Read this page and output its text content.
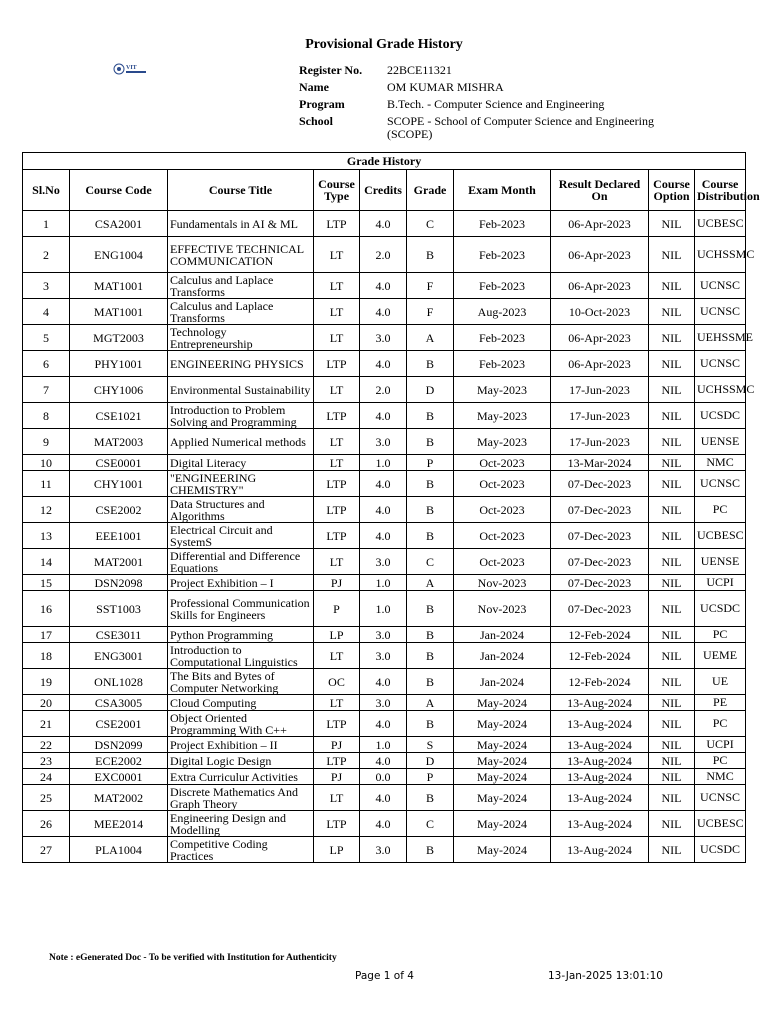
Provisional Grade History
VIT	Register No.	22BCE11321
Name	OM KUMAR MISHRA
Program	B.Tech. - Computer Science and Engineering
School	SCOPE - School of Computer Science and Engineering (SCOPE)
Grade History									
Sl.No	Course Code	Course Title	Course Type	Credits	Grade	Exam Month	Result Declared On	Course Option	Course Distribution
1	CSA2001	Fundamentals in AI & ML	LTP	4.0	C	Feb-2023	06-Apr-2023	NIL	UCBESC
2	ENG1004	EFFECTIVE TECHNICAL COMMUNICATION	LT	2.0	B	Feb-2023	06-Apr-2023	NIL	UCHSSMC
3	MAT1001	Calculus and Laplace Transforms	LT	4.0	F	Feb-2023	06-Apr-2023	NIL	UCNSC
4	MAT1001	Calculus and Laplace Transforms	LT	4.0	F	Aug-2023	10-Oct-2023	NIL	UCNSC
5	MGT2003	Technology Entrepreneurship	LT	3.0	A	Feb-2023	06-Apr-2023	NIL	UEHSSME
6	PHY1001	ENGINEERING PHYSICS	LTP	4.0	B	Feb-2023	06-Apr-2023	NIL	UCNSC
7	CHY1006	Environmental Sustainability	LT	2.0	D	May-2023	17-Jun-2023	NIL	UCHSSMC
8	CSE1021	Introduction to Problem Solving and Programming	LTP	4.0	B	May-2023	17-Jun-2023	NIL	UCSDC
9	MAT2003	Applied Numerical methods	LT	3.0	B	May-2023	17-Jun-2023	NIL	UENSE
10	CSE0001	Digital Literacy	LT	1.0	P	Oct-2023	13-Mar-2024	NIL	NMC
11	CHY1001	"ENGINEERING CHEMISTRY"	LTP	4.0	B	Oct-2023	07-Dec-2023	NIL	UCNSC
12	CSE2002	Data Structures and Algorithms	LTP	4.0	B	Oct-2023	07-Dec-2023	NIL	PC
13	EEE1001	Electrical Circuit and SystemS	LTP	4.0	B	Oct-2023	07-Dec-2023	NIL	UCBESC
14	MAT2001	Differential and Difference Equations	LT	3.0	C	Oct-2023	07-Dec-2023	NIL	UENSE
15	DSN2098	Project Exhibition – I	PJ	1.0	A	Nov-2023	07-Dec-2023	NIL	UCPI
16	SST1003	Professional Communication Skills for Engineers	P	1.0	B	Nov-2023	07-Dec-2023	NIL	UCSDC
17	CSE3011	Python Programming	LP	3.0	B	Jan-2024	12-Feb-2024	NIL	PC
18	ENG3001	Introduction to Computational Linguistics	LT	3.0	B	Jan-2024	12-Feb-2024	NIL	UEME
19	ONL1028	The Bits and Bytes of Computer Networking	OC	4.0	B	Jan-2024	12-Feb-2024	NIL	UE
20	CSA3005	Cloud Computing	LT	3.0	A	May-2024	13-Aug-2024	NIL	PE
21	CSE2001	Object Oriented Programming With C++	LTP	4.0	B	May-2024	13-Aug-2024	NIL	PC
22	DSN2099	Project Exhibition – II	PJ	1.0	S	May-2024	13-Aug-2024	NIL	UCPI
23	ECE2002	Digital Logic Design	LTP	4.0	D	May-2024	13-Aug-2024	NIL	PC
24	EXC0001	Extra Curriculur Activities	PJ	0.0	P	May-2024	13-Aug-2024	NIL	NMC
25	MAT2002	Discrete Mathematics And Graph Theory	LT	4.0	B	May-2024	13-Aug-2024	NIL	UCNSC
26	MEE2014	Engineering Design and Modelling	LTP	4.0	C	May-2024	13-Aug-2024	NIL	UCBESC
27	PLA1004	Competitive Coding Practices	LP	3.0	B	May-2024	13-Aug-2024	NIL	UCSDC
Note : eGenerated Doc - To be verified with Institution for Authenticity
Page 1 of 4	13-Jan-2025 13:01:10
